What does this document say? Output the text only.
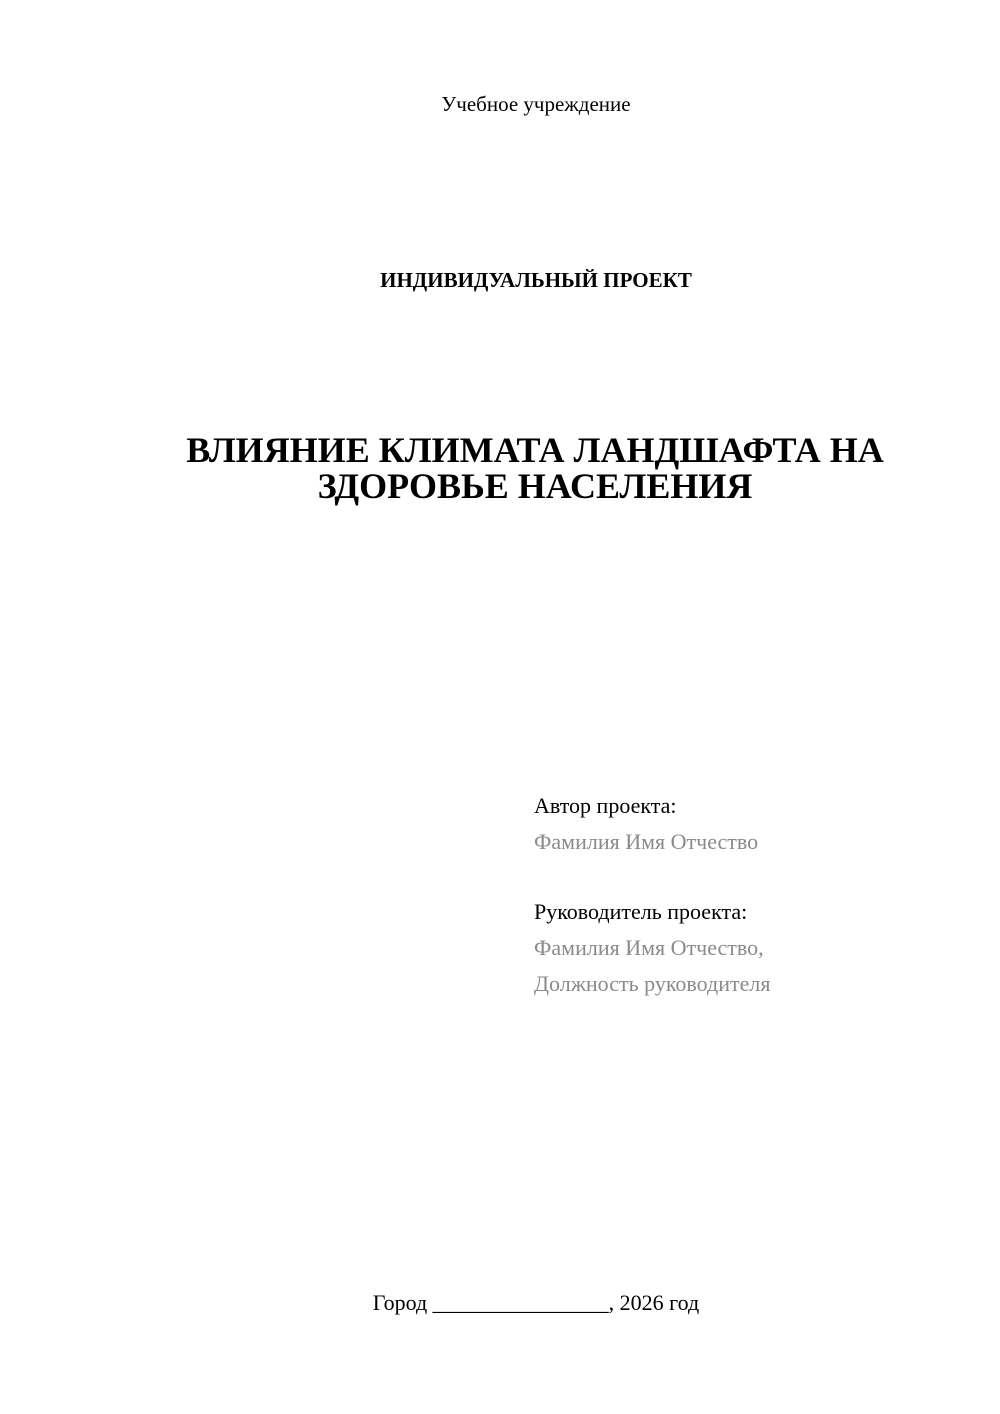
Учебное учреждение
ИНДИВИДУАЛЬНЫЙ ПРОЕКТ
ВЛИЯНИЕ КЛИМАТА ЛАНДШАФТА НА
ЗДОРОВЬЕ НАСЕЛЕНИЯ
Автор проекта:
Фамилия Имя Отчество
Руководитель проекта:
Фамилия Имя Отчество,
Должность руководителя
Город ________________, 2026 год
